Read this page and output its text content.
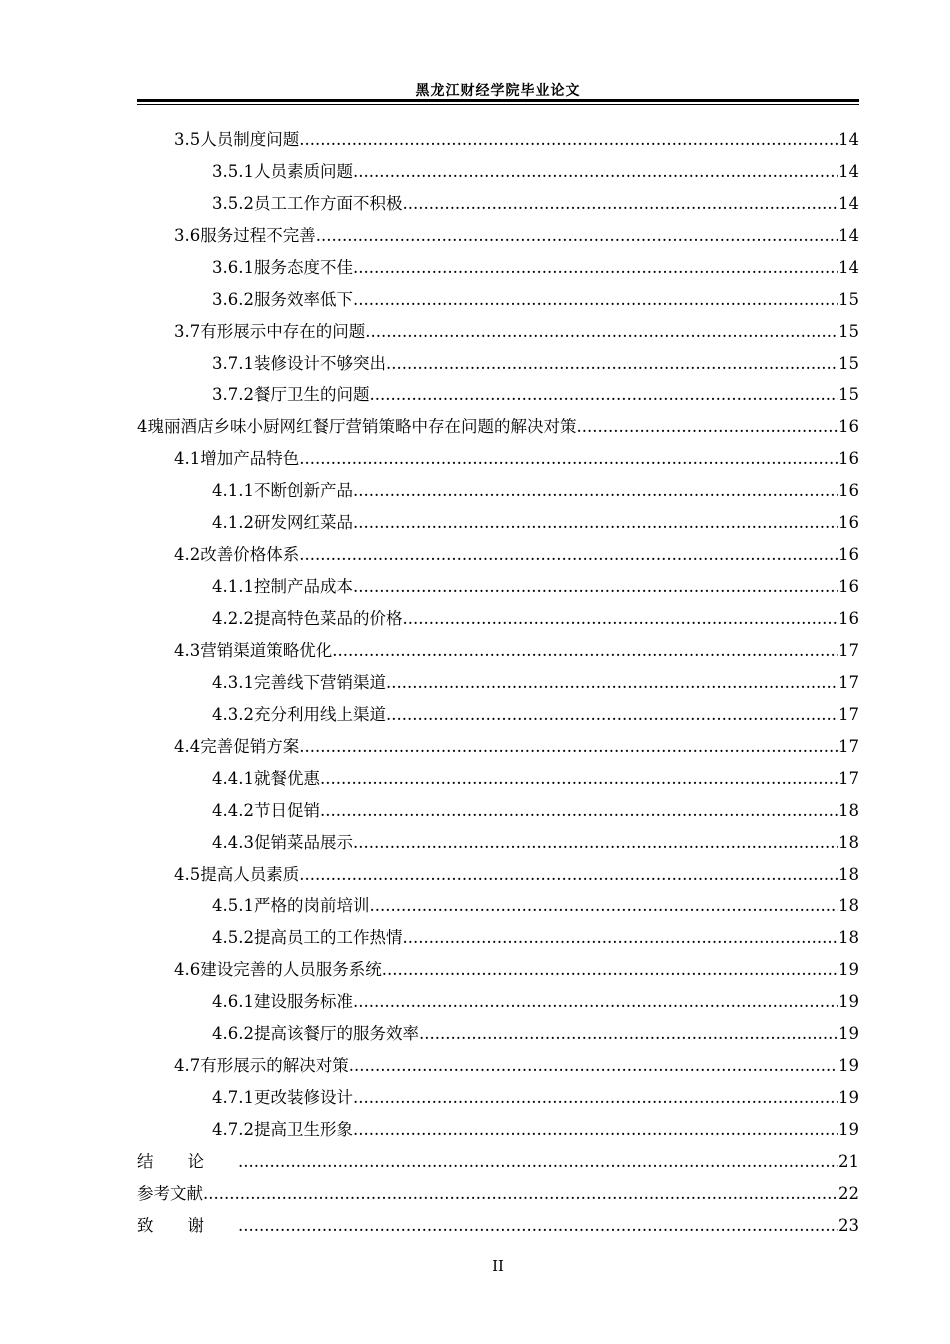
黑龙江财经学院毕业论文
3.5 人员制度问题 .....	14
3.5.1 人员素质问题 .....	14
3.5.2 员工工作方面不积极 .....	14
3.6 服务过程不完善 .....	14
3.6.1 服务态度不佳 .....	14
3.6.2 服务效率低下 .....	15
3.7 有形展示中存在的问题 .....	15
3.7.1 装修设计不够突出 .....	15
3.7.2 餐厅卫生的问题 .....	15
4 瑰丽酒店乡味小厨网红餐厅营销策略中存在问题的解决对策 .....	16
4.1 增加产品特色 .....	16
4.1.1 不断创新产品 .....	16
4.1.2 研发网红菜品 .....	16
4.2 改善价格体系 .....	16
4.1.1 控制产品成本 .....	16
4.2.2 提高特色菜品的价格 .....	16
4.3 营销渠道策略优化 .....	17
4.3.1 完善线下营销渠道 .....	17
4.3.2 充分利用线上渠道 .....	17
4.4 完善促销方案 .....	17
4.4.1 就餐优惠 .....	17
4.4.2 节日促销 .....	18
4.4.3 促销菜品展示 .....	18
4.5 提高人员素质 .....	18
4.5.1 严格的岗前培训 .....	18
4.5.2 提高员工的工作热情 .....	18
4.6 建设完善的人员服务系统 .....	19
4.6.1 建设服务标准 .....	19
4.6.2 提高该餐厅的服务效率 .....	19
4.7 有形展示的解决对策 .....	19
4.7.1 更改装修设计 .....	19
4.7.2 提高卫生形象 .....	19
结论 .....	21
参考文献 .....	22
致谢 .....	23
II
